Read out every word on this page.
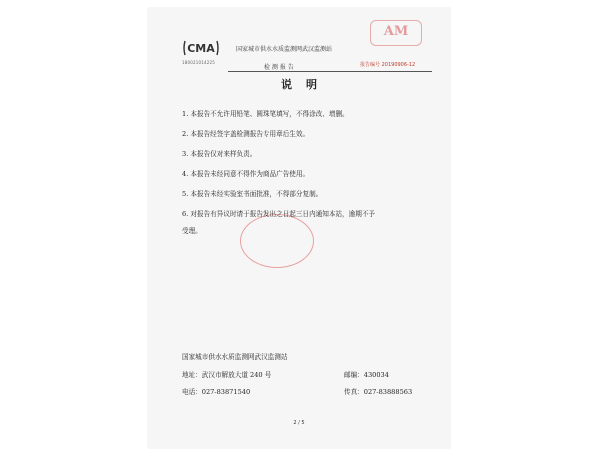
CMA
180021014225
国家城市供水水质监测网武汉监测站
检 测 报 告	报告编号 20190906-12
AM
说明
1. 本报告不允许用铅笔、圆珠笔填写，不得涂改、增删。
2. 本报告经签字盖检测报告专用章后生效。
3. 本报告仅对来样负责。
4. 本报告未经同意不得作为商品广告使用。
5. 本报告未经实验室书面批准，不得部分复制。
6. 对报告有异议时请于报告发出之日起三日内通知本站，逾期不予
受理。
国家城市供水水质监测网武汉监测站
地址：武汉市解放大道 240 号	邮编：430034
电话：027-83871540	传真：027-83888563
2 / 5
